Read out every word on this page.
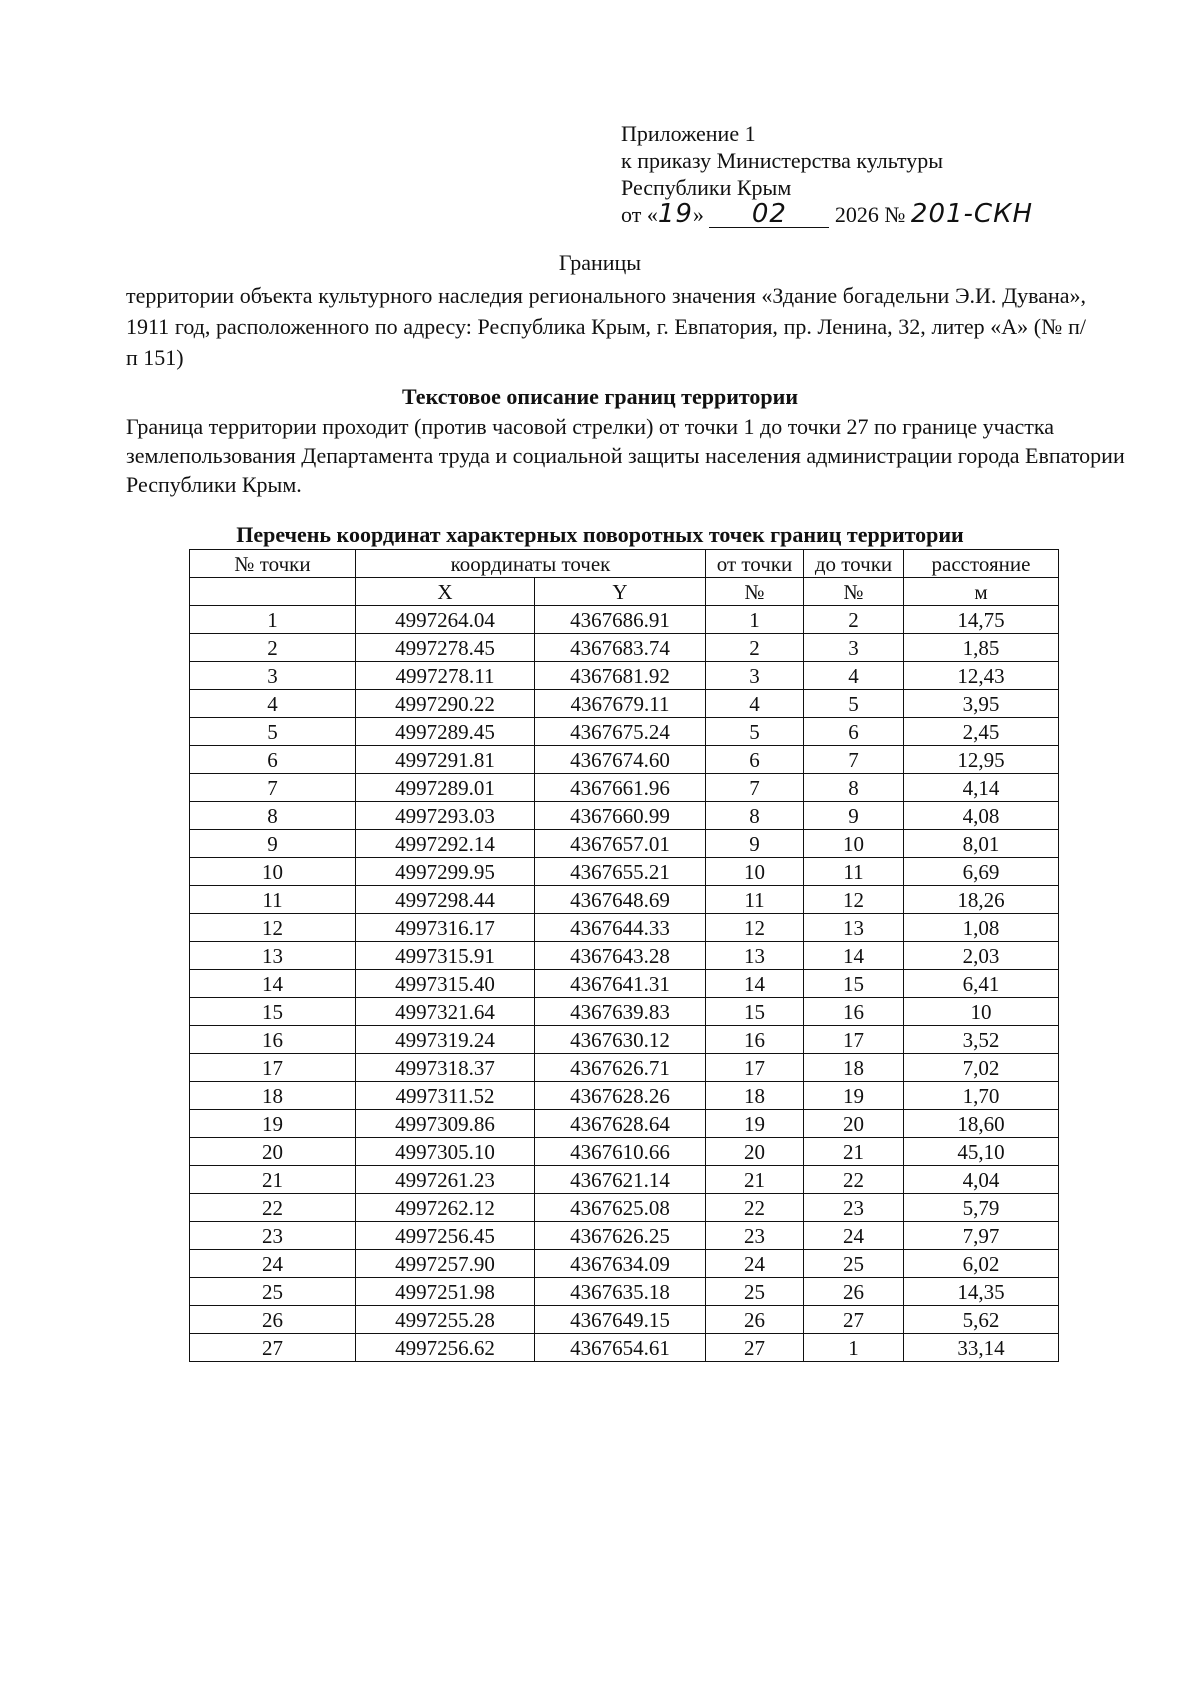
Приложение 1
к приказу Министерства культуры
Республики Крым
от «19» 02 2026 № 201-СКН
Границы
территории объекта культурного наследия регионального значения «Здание богадельни Э.И. Дувана», 1911 год, расположенного по адресу: Республика Крым, г. Евпатория, пр. Ленина, 32, литер «А» (№ п/п 151)
Текстовое описание границ территории
Граница территории проходит (против часовой стрелки) от точки 1 до точки 27 по границе участка землепользования Департамента труда и социальной защиты населения администрации города Евпатории Республики Крым.
Перечень координат характерных поворотных точек границ территории
№ точки	координаты точек		от точки	до точки	расстояние
	X	Y	№	№	м
1	4997264.04	4367686.91	1	2	14,75
2	4997278.45	4367683.74	2	3	1,85
3	4997278.11	4367681.92	3	4	12,43
4	4997290.22	4367679.11	4	5	3,95
5	4997289.45	4367675.24	5	6	2,45
6	4997291.81	4367674.60	6	7	12,95
7	4997289.01	4367661.96	7	8	4,14
8	4997293.03	4367660.99	8	9	4,08
9	4997292.14	4367657.01	9	10	8,01
10	4997299.95	4367655.21	10	11	6,69
11	4997298.44	4367648.69	11	12	18,26
12	4997316.17	4367644.33	12	13	1,08
13	4997315.91	4367643.28	13	14	2,03
14	4997315.40	4367641.31	14	15	6,41
15	4997321.64	4367639.83	15	16	10
16	4997319.24	4367630.12	16	17	3,52
17	4997318.37	4367626.71	17	18	7,02
18	4997311.52	4367628.26	18	19	1,70
19	4997309.86	4367628.64	19	20	18,60
20	4997305.10	4367610.66	20	21	45,10
21	4997261.23	4367621.14	21	22	4,04
22	4997262.12	4367625.08	22	23	5,79
23	4997256.45	4367626.25	23	24	7,97
24	4997257.90	4367634.09	24	25	6,02
25	4997251.98	4367635.18	25	26	14,35
26	4997255.28	4367649.15	26	27	5,62
27	4997256.62	4367654.61	27	1	33,14
